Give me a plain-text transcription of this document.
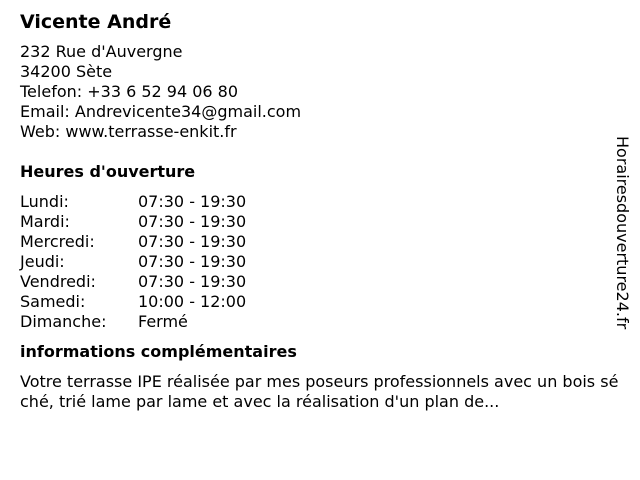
Vicente André
232 Rue d'Auvergne
34200 Sète
Telefon: +33 6 52 94 06 80
Email: Andrevicente34@gmail.com
Web: www.terrasse-enkit.fr
Heures d'ouverture
Lundi:	07:30 - 19:30
Mardi:	07:30 - 19:30
Mercredi:	07:30 - 19:30
Jeudi:	07:30 - 19:30
Vendredi:	07:30 - 19:30
Samedi:	10:00 - 12:00
Dimanche: Fermé
informations complémentaires
Votre terrasse IPE réalisée par mes poseurs professionnels avec un bois séché, trié lame par lame et avec la réalisation d'un plan de...
Horairesdouverture24.fr
